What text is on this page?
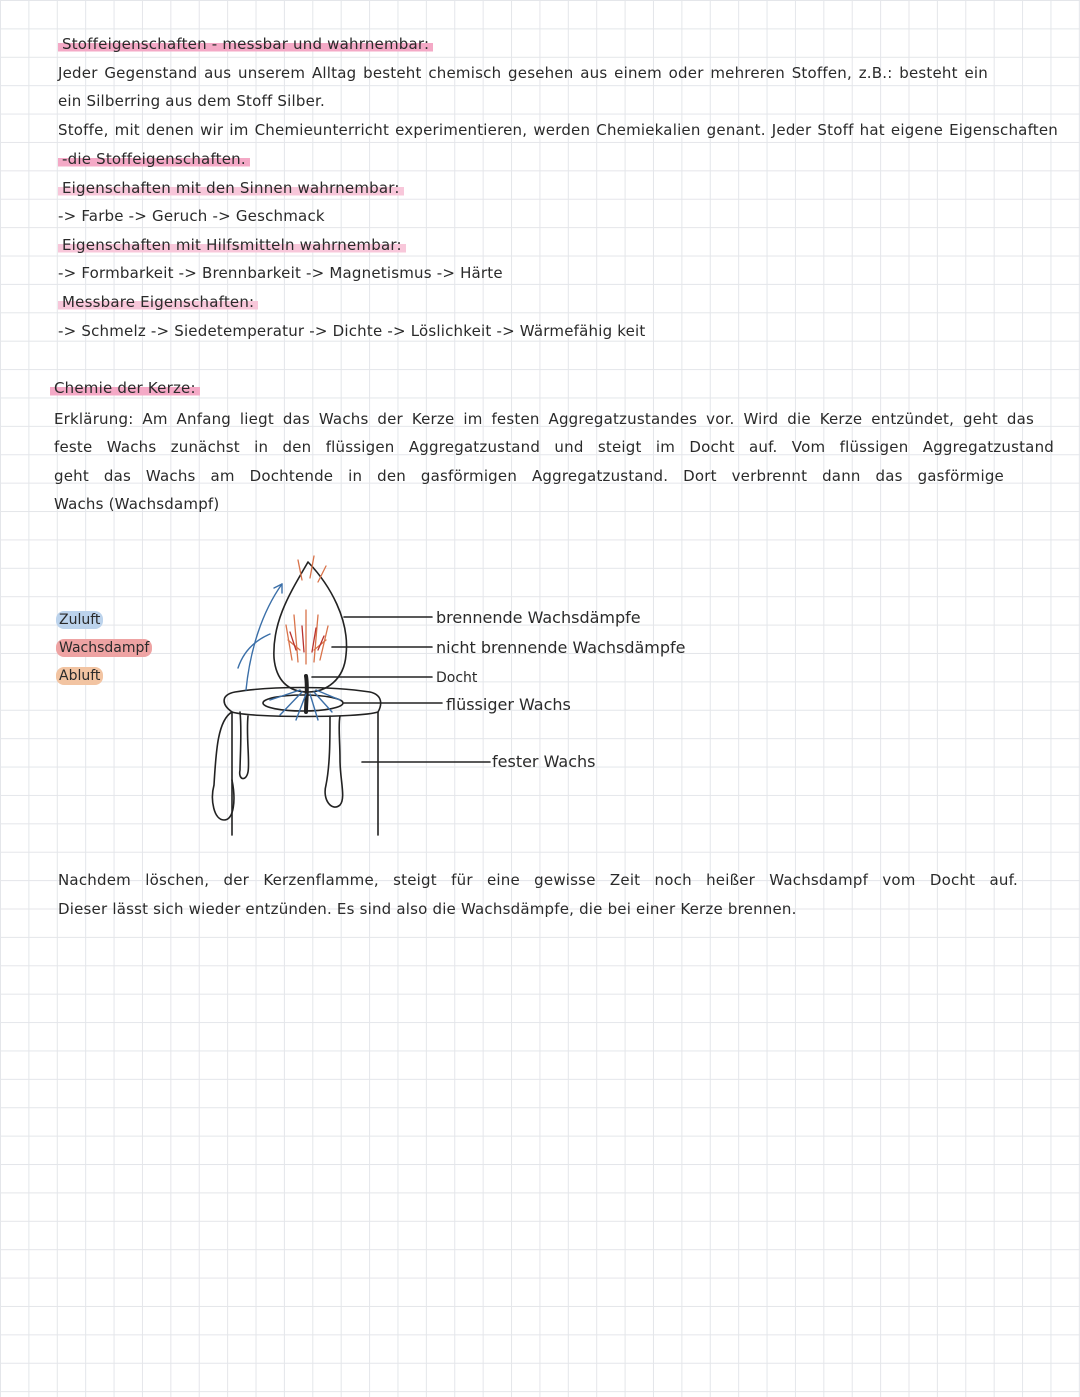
Stoffeigenschaften - messbar und wahrnembar:
Jeder Gegenstand aus unserem Alltag besteht chemisch gesehen aus einem oder mehreren Stoffen, z.B.: besteht ein
ein Silberring aus dem Stoff Silber.
Stoffe, mit denen wir im Chemieunterricht experimentieren, werden Chemiekalien genant. Jeder Stoff hat eigene Eigenschaften
-die Stoffeigenschaften.
Eigenschaften mit den Sinnen wahrnembar:
-> Farbe -> Geruch -> Geschmack
Eigenschaften mit Hilfsmitteln wahrnembar:
-> Formbarkeit -> Brennbarkeit -> Magnetismus -> Härte
Messbare Eigenschaften:
-> Schmelz -> Siedetemperatur -> Dichte -> Löslichkeit -> Wärmefähig keit
Chemie der Kerze:
Erklärung: Am Anfang liegt das Wachs der Kerze im festen Aggregatzustandes vor. Wird die Kerze entzündet, geht das
feste Wachs zunächst in den flüssigen Aggregatzustand und steigt im Docht auf. Vom flüssigen Aggregatzustand
geht das Wachs am Dochtende in den gasförmigen Aggregatzustand. Dort verbrennt dann das gasförmige
Wachs (Wachsdampf)
Zuluft
Wachsdampf
Abluft
brennende Wachsdämpfe
nicht brennende Wachsdämpfe
Docht
flüssiger Wachs
fester Wachs
Nachdem löschen, der Kerzenflamme, steigt für eine gewisse Zeit noch heißer Wachsdampf vom Docht auf.
Dieser lässt sich wieder entzünden. Es sind also die Wachsdämpfe, die bei einer Kerze brennen.
